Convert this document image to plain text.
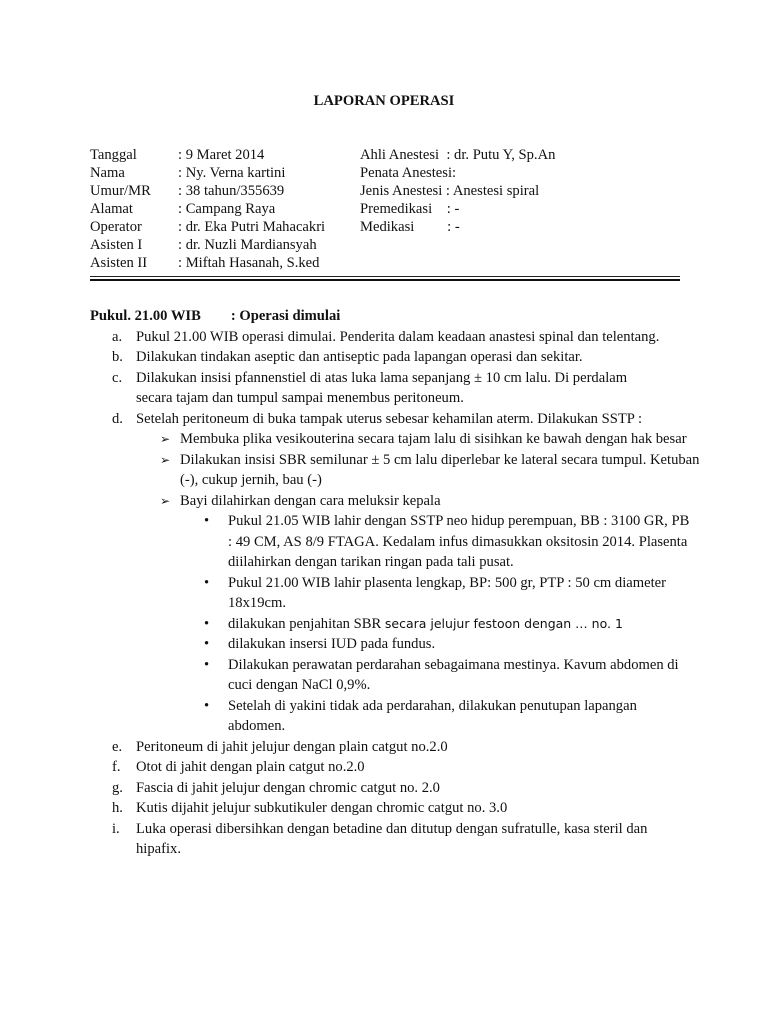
LAPORAN OPERASI
Tanggal	: 9 Maret 2014
Nama	: Ny. Verna kartini
Umur/MR : 38 tahun/355639
Alamat	: Campang Raya
Operator : dr. Eka Putri Mahacakri
Asisten I : dr. Nuzli Mardiansyah
Asisten II : Miftah Hasanah, S.ked
Ahli Anestesi  : dr. Putu Y, Sp.An
Penata Anestesi:
Jenis Anestesi : Anestesi spiral
Premedikasi    : -
Medikasi         : -
Pukul. 21.00 WIB : Operasi dimulai
a. Pukul 21.00 WIB operasi dimulai. Penderita dalam keadaan anastesi spinal dan telentang.
b. Dilakukan tindakan aseptic dan antiseptic pada lapangan operasi dan sekitar.
c. Dilakukan insisi pfannenstiel di atas luka lama sepanjang ± 10 cm lalu. Di perdalam secara tajam dan tumpul sampai menembus peritoneum.
d. Setelah peritoneum di buka tampak uterus sebesar kehamilan aterm. Dilakukan SSTP :
➢ Membuka plika vesikouterina secara tajam lalu di sisihkan ke bawah dengan hak besar
➢ Dilakukan insisi SBR semilunar ± 5 cm lalu diperlebar ke lateral secara tumpul. Ketuban (-), cukup jernih, bau (-)
➢ Bayi dilahirkan dengan cara meluksir kepala
• Pukul 21.05 WIB lahir dengan SSTP neo hidup perempuan, BB : 3100 GR, PB : 49 CM, AS 8/9 FTAGA. Kedalam infus dimasukkan oksitosin 2014. Plasenta diilahirkan dengan tarikan ringan pada tali pusat.
• Pukul 21.00 WIB lahir plasenta lengkap, BP: 500 gr, PTP : 50 cm diameter 18x19cm.
• dilakukan penjahitan SBR secara jelujur festoon dengan … no. 1
• dilakukan insersi IUD pada fundus.
• Dilakukan perawatan perdarahan sebagaimana mestinya. Kavum abdomen di cuci dengan NaCl 0,9%.
• Setelah di yakini tidak ada perdarahan, dilakukan penutupan lapangan abdomen.
e. Peritoneum di jahit jelujur dengan plain catgut no.2.0
f. Otot di jahit dengan plain catgut no.2.0
g. Fascia di jahit jelujur dengan chromic catgut no. 2.0
h. Kutis dijahit jelujur subkutikuler dengan chromic catgut no. 3.0
i. Luka operasi dibersihkan dengan betadine dan ditutup dengan sufratulle, kasa steril dan hipafix.
